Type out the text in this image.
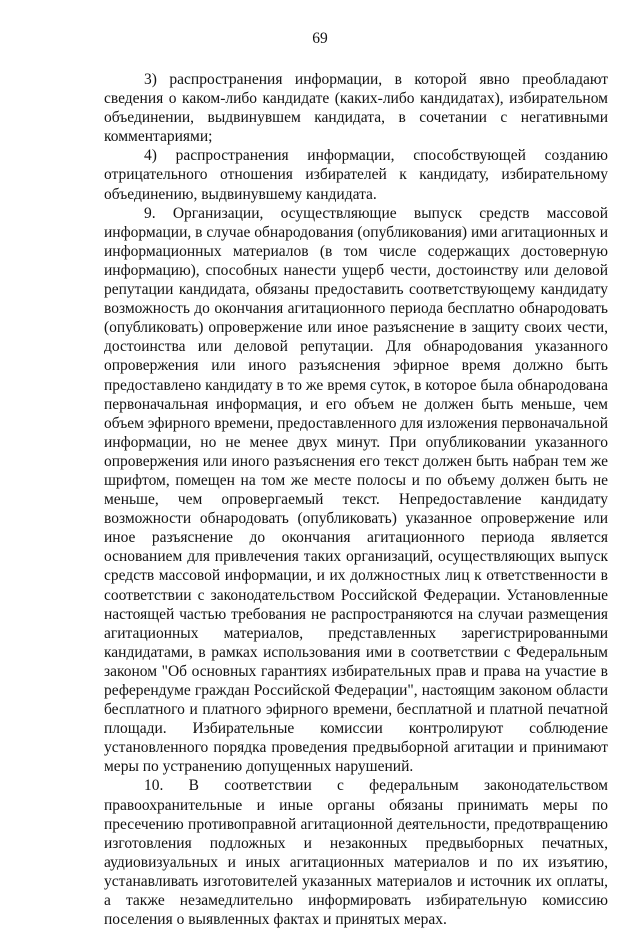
69

3) распространения информации, в которой явно преобладают сведения о каком-либо кандидате (каких-либо кандидатах), избирательном объединении, выдвинувшем кандидата, в сочетании с негативными комментариями;

4) распространения информации, способствующей созданию отрицательного отношения избирателей к кандидату, избирательному объединению, выдвинувшему кандидата.

9. Организации, осуществляющие выпуск средств массовой информации, в случае обнародования (опубликования) ими агитационных и информационных материалов (в том числе содержащих достоверную информацию), способных нанести ущерб чести, достоинству или деловой репутации кандидата, обязаны предоставить соответствующему кандидату возможность до окончания агитационного периода бесплатно обнародовать (опубликовать) опровержение или иное разъяснение в защиту своих чести, достоинства или деловой репутации. Для обнародования указанного опровержения или иного разъяснения эфирное время должно быть предоставлено кандидату в то же время суток, в которое была обнародована первоначальная информация, и его объем не должен быть меньше, чем объем эфирного времени, предоставленного для изложения первоначальной информации, но не менее двух минут. При опубликовании указанного опровержения или иного разъяснения его текст должен быть набран тем же шрифтом, помещен на том же месте полосы и по объему должен быть не меньше, чем опровергаемый текст. Непредоставление кандидату возможности обнародовать (опубликовать) указанное опровержение или иное разъяснение до окончания агитационного периода является основанием для привлечения таких организаций, осуществляющих выпуск средств массовой информации, и их должностных лиц к ответственности в соответствии с законодательством Российской Федерации. Установленные настоящей частью требования не распространяются на случаи размещения агитационных материалов, представленных зарегистрированными кандидатами, в рамках использования ими в соответствии с Федеральным законом "Об основных гарантиях избирательных прав и права на участие в референдуме граждан Российской Федерации", настоящим законом области бесплатного и платного эфирного времени, бесплатной и платной печатной площади. Избирательные комиссии контролируют соблюдение установленного порядка проведения предвыборной агитации и принимают меры по устранению допущенных нарушений.

10. В соответствии с федеральным законодательством правоохранительные и иные органы обязаны принимать меры по пресечению противоправной агитационной деятельности, предотвращению изготовления подложных и незаконных предвыборных печатных, аудиовизуальных и иных агитационных материалов и по их изъятию, устанавливать изготовителей указанных материалов и источник их оплаты, а также незамедлительно информировать избирательную комиссию поселения о выявленных фактах и принятых мерах.
